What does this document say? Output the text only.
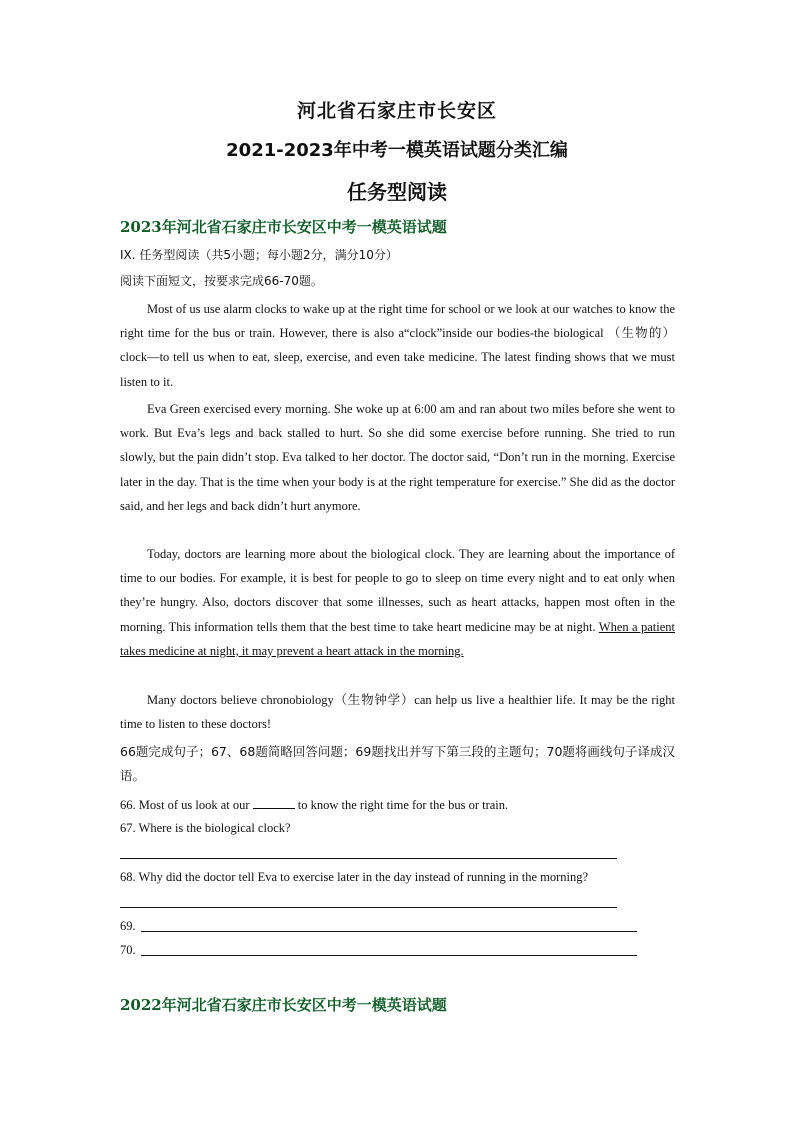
河北省石家庄市长安区
2021-2023年中考一模英语试题分类汇编
任务型阅读
2023年河北省石家庄市长安区中考一模英语试题
IX. 任务型阅读（共5小题；每小题2分，满分10分）
阅读下面短文，按要求完成66-70题。
Most of us use alarm clocks to wake up at the right time for school or we look at our watches to know the right time for the bus or train. However, there is also a“clock”inside our bodies-the biological （生物的） clock—to tell us when to eat, sleep, exercise, and even take medicine. The latest finding shows that we must listen to it.
Eva Green exercised every morning. She woke up at 6:00 am and ran about two miles before she went to work. But Eva’s legs and back stalled to hurt. So she did some exercise before running. She tried to run slowly, but the pain didn’t stop. Eva talked to her doctor. The doctor said, “Don’t run in the morning. Exercise later in the day. That is the time when your body is at the right temperature for exercise.” She did as the doctor said, and her legs and back didn’t hurt anymore.
Today, doctors are learning more about the biological clock. They are learning about the importance of time to our bodies. For example, it is best for people to go to sleep on time every night and to eat only when they’re hungry. Also, doctors discover that some illnesses, such as heart attacks, happen most often in the morning. This information tells them that the best time to take heart medicine may be at night. When a patient takes medicine at night, it may prevent a heart attack in the morning.
Many doctors believe chronobiology（生物钟学）can help us live a healthier life. It may be the right time to listen to these doctors!
66题完成句子；67、68题简略回答问题；69题找出并写下第三段的主题句；70题将画线句子译成汉语。
66. Most of us look at our	to know the right time for the bus or train.
67. Where is the biological clock?
68. Why did the doctor tell Eva to exercise later in the day instead of running in the morning?
69.
70.
2022年河北省石家庄市长安区中考一模英语试题
